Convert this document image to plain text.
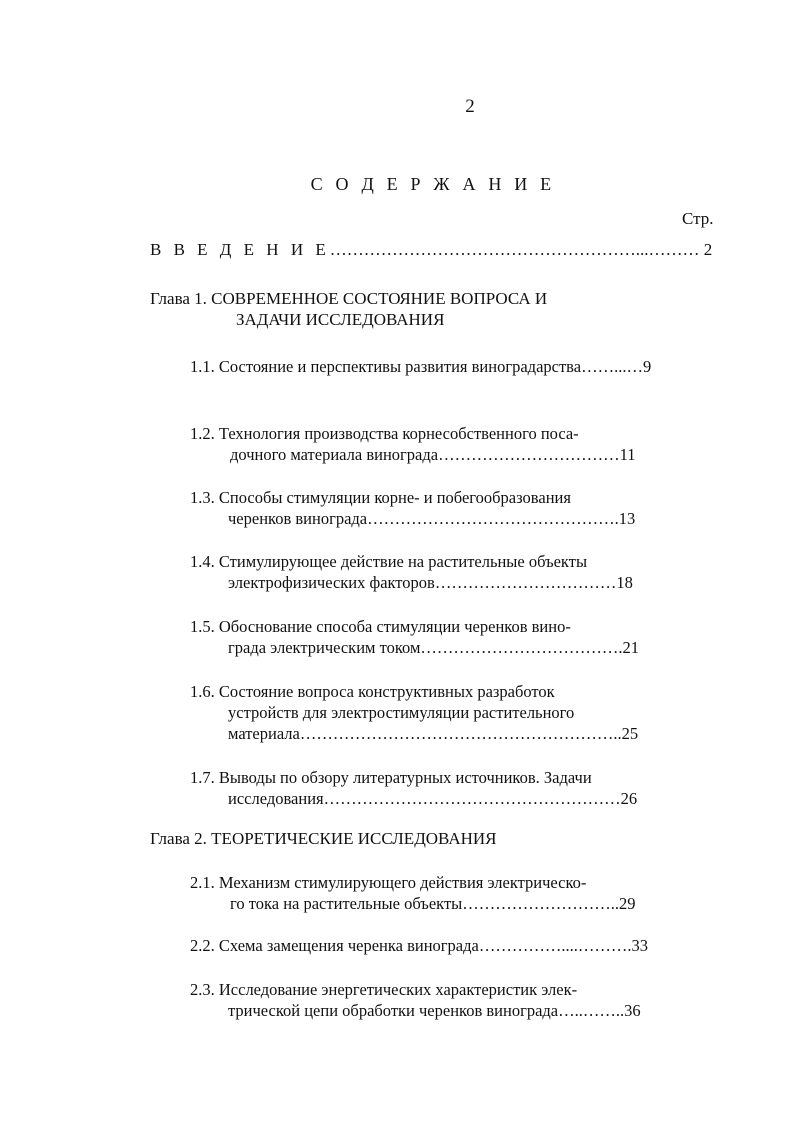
2
С О Д Е Р Ж А Н И Е
Стр.
В В Е Д Е Н И Е………………………………………………...……… 2
Глава 1. СОВРЕМЕННОЕ СОСТОЯНИЕ ВОПРОСА И
ЗАДАЧИ ИССЛЕДОВАНИЯ
1.1. Состояние и перспективы развития виноградарства……...…9
1.2. Технология производства корнесобственного поса-
дочного материала винограда……………………………11
1.3. Способы стимуляции корне- и побегообразования
черенков винограда……………………………………….13
1.4. Стимулирующее действие на растительные объекты
электрофизических факторов……………………………18
1.5. Обоснование способа стимуляции черенков вино-
града электрическим током……………………………….21
1.6. Состояние вопроса конструктивных разработок
устройств для электростимуляции растительного
материала…………………………………………………..25
1.7. Выводы по обзору литературных источников. Задачи
исследования………………………………………………26
Глава 2. ТЕОРЕТИЧЕСКИЕ ИССЛЕДОВАНИЯ
2.1. Механизм стимулирующего действия электрическо-
го тока на растительные объекты………………………..29
2.2. Схема замещения черенка винограда……………....……….33
2.3. Исследование энергетических характеристик элек-
трической цепи обработки черенков винограда…..……..36
